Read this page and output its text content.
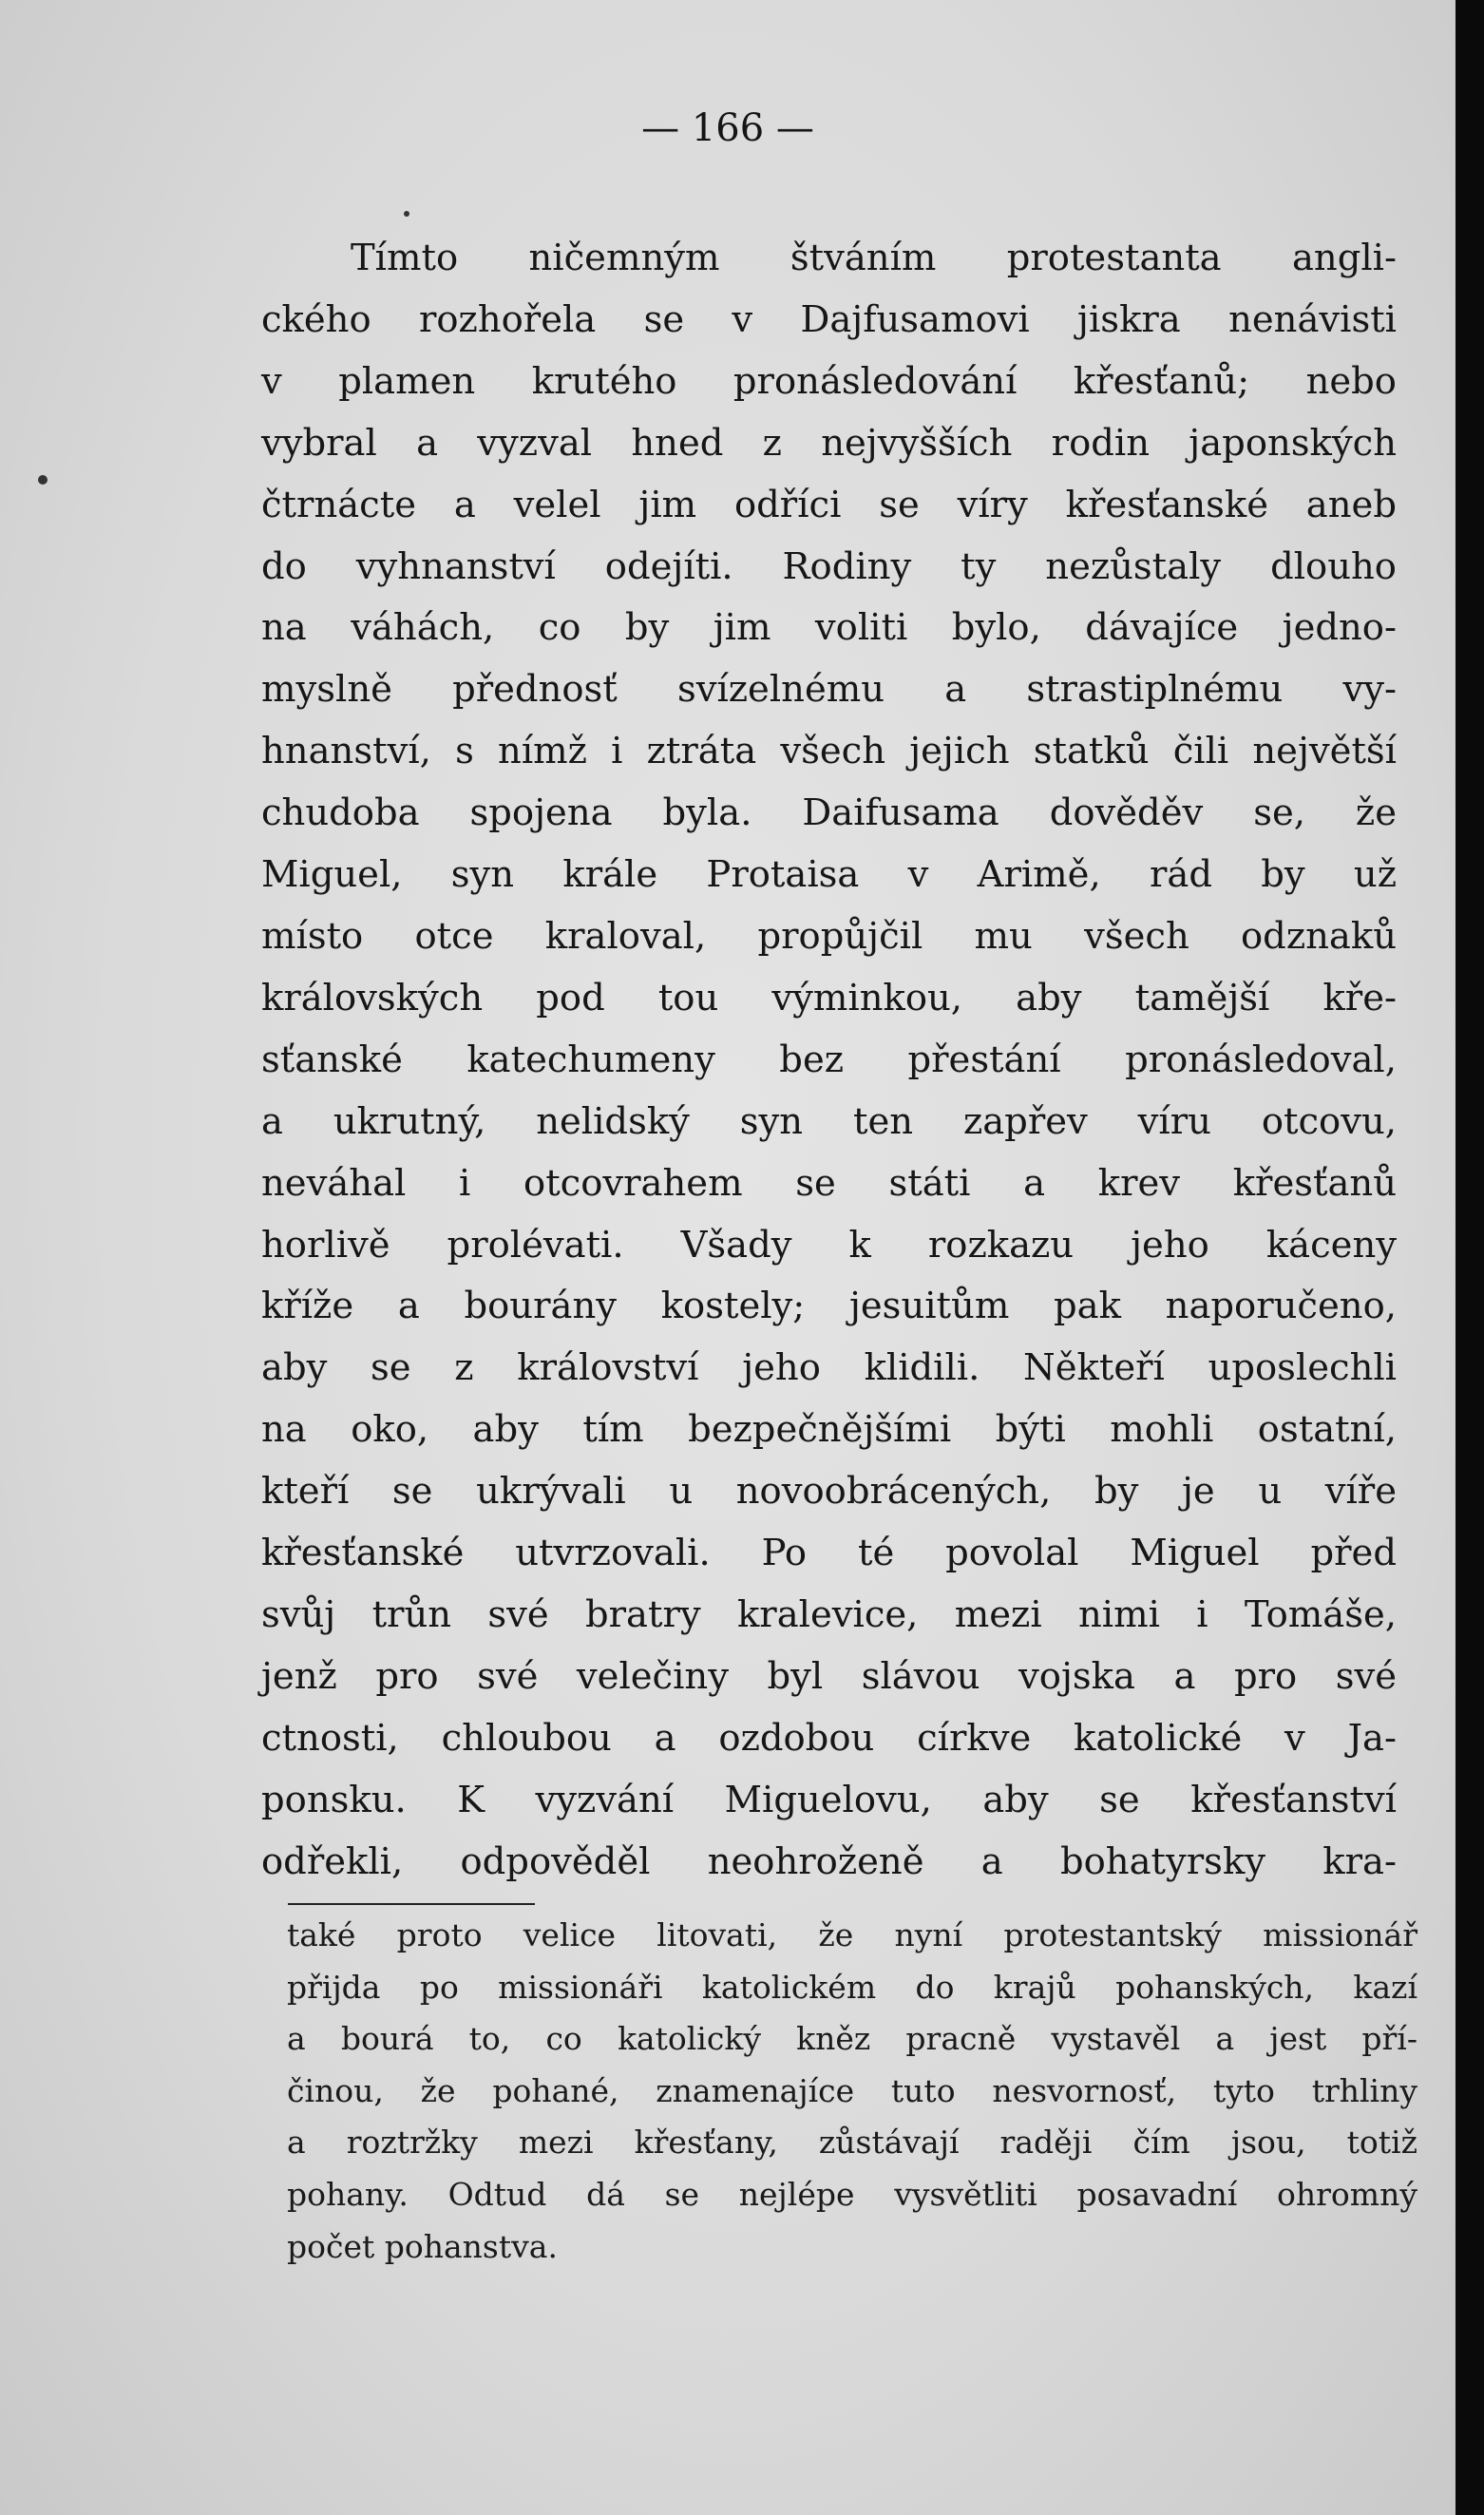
— 166 —
Tímto ničemným štváním protestanta angli-
ckého rozhořela se v Dajfusamovi jiskra nenávisti
v plamen krutého pronásledování křesťanů; nebo
vybral a vyzval hned z nejvyšších rodin japonských
čtrnácte a velel jim odříci se víry křesťanské aneb
do vyhnanství odejíti. Rodiny ty nezůstaly dlouho
na váhách, co by jim voliti bylo, dávajíce jedno-
myslně přednosť svízelnému a strastiplnému vy-
hnanství, s nímž i ztráta všech jejich statků čili největší
chudoba spojena byla. Daifusama dověděv se, že
Miguel, syn krále Protaisa v Arimě, rád by už
místo otce kraloval, propůjčil mu všech odznaků
královských pod tou výminkou, aby tamější kře-
sťanské katechumeny bez přestání pronásledoval,
a ukrutný, nelidský syn ten zapřev víru otcovu,
neváhal i otcovrahem se státi a krev křesťanů
horlivě prolévati. Všady k rozkazu jeho káceny
kříže a bourány kostely; jesuitům pak naporučeno,
aby se z království jeho klidili. Někteří uposlechli
na oko, aby tím bezpečnějšími býti mohli ostatní,
kteří se ukrývali u novoobrácených, by je u víře
křesťanské utvrzovali. Po té povolal Miguel před
svůj trůn své bratry kralevice, mezi nimi i Tomáše,
jenž pro své velečiny byl slávou vojska a pro své
ctnosti, chloubou a ozdobou církve katolické v Ja-
ponsku. K vyzvání Miguelovu, aby se křesťanství
odřekli, odpověděl neohroženě a bohatyrsky kra-
také proto velice litovati, že nyní protestantský missionář
přijda po missionáři katolickém do krajů pohanských, kazí
a bourá to, co katolický kněz pracně vystavěl a jest pří-
činou, že pohané, znamenajíce tuto nesvornosť, tyto trhliny
a roztržky mezi křesťany, zůstávají raději čím jsou, totiž
pohany. Odtud dá se nejlépe vysvětliti posavadní ohromný
počet pohanstva.
